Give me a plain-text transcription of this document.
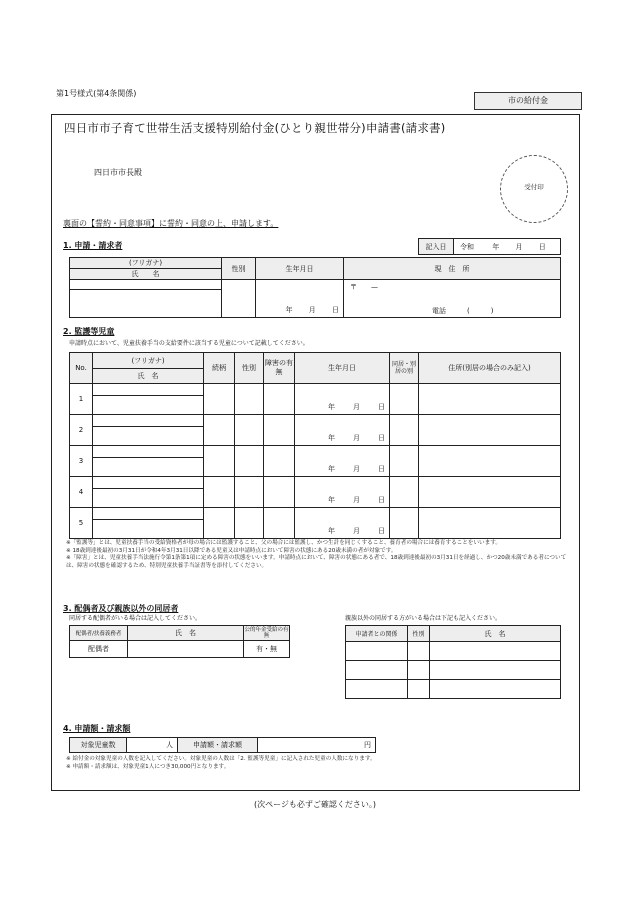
第1号様式(第4条関係)
市の給付金
四日市市子育て世帯生活支援特別給付金(ひとり親世帯分)申請書(請求書)
四日市市長殿
受付印
裏面の【誓約・同意事項】に誓約・同意の上、申請します。
1. 申請・請求者	記入日	令和	年 月 日
(フリガナ)	性別	生年月日	現　住　所
氏　　名			
		年 月 日	〒　　—
電話　　　(　　　)

2. 監護等児童
申請時点において、児童扶養手当の支給要件に該当する児童について記載してください。
No.	(フリガナ)	続柄	性別	障害の有無	生年月日	同居・別居の別	住所(別居の場合のみ記入)
	氏　名						
1					年 月 日		

2					年 月 日		

3					年 月 日		

4					年 月 日		

5					年 月 日		

※「監護等」とは、児童扶養手当の受給資格者が母の場合には監護すること、父の場合には監護し、かつ生計を同じくすること、養育者の場合には養育することをいいます。
※ 18歳到達後最初の3月31日が令和4年3月31日以降である児童又は申請時点において障害の状態にある20歳未満の者が対象です。
※「障害」とは、児童扶養手当法施行令第1条第1項に定める障害の状態をいいます。申請時点において、障害の状態にある者で、18歳到達後最初の3月31日を経過し、かつ20歳未満である者については、障害の状態を確認するため、特別児童扶養手当証書等を添付してください。
3. 配偶者及び親族以外の同居者
同居する配偶者がいる場合は記入してください。	親族以外の同居する方がいる場合は下記も記入ください。
配偶者/扶養義務者	氏　名	公的年金受給の有無
配偶者		有・無
申請者との関係	性別	氏　名

4. 申請額・請求額
対象児童数	人	申請額・請求額	円
※ 給付金の対象児童の人数を記入してください。対象児童の人数は「2. 監護等児童」に記入された児童の人数になります。
※ 申請額・請求額は、対象児童1人につき30,000円となります。
(次ページも必ずご確認ください。)
